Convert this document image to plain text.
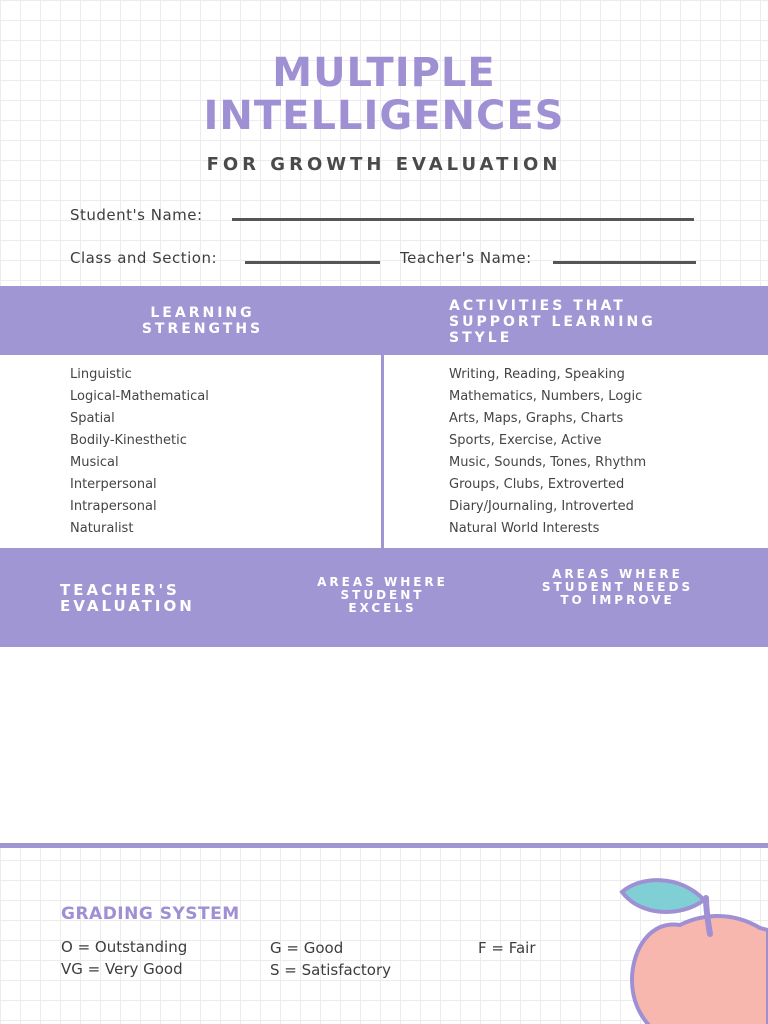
MULTIPLE
INTELLIGENCES
FOR GROWTH EVALUATION
Student's Name:
Class and Section:	Teacher's Name:
LEARNING STRENGTHS
ACTIVITIES THAT SUPPORT LEARNING STYLE
Linguistic
Logical-Mathematical
Spatial
Bodily-Kinesthetic
Musical
Interpersonal
Intrapersonal
Naturalist
Writing, Reading, Speaking
Mathematics, Numbers, Logic
Arts, Maps, Graphs, Charts
Sports, Exercise, Active
Music, Sounds, Tones, Rhythm
Groups, Clubs, Extroverted
Diary/Journaling, Introverted
Natural World Interests
TEACHER'S EVALUATION
AREAS WHERE STUDENT EXCELS
AREAS WHERE STUDENT NEEDS TO IMPROVE
GRADING SYSTEM
O = Outstanding
VG = Very Good
G = Good
S = Satisfactory
F = Fair
